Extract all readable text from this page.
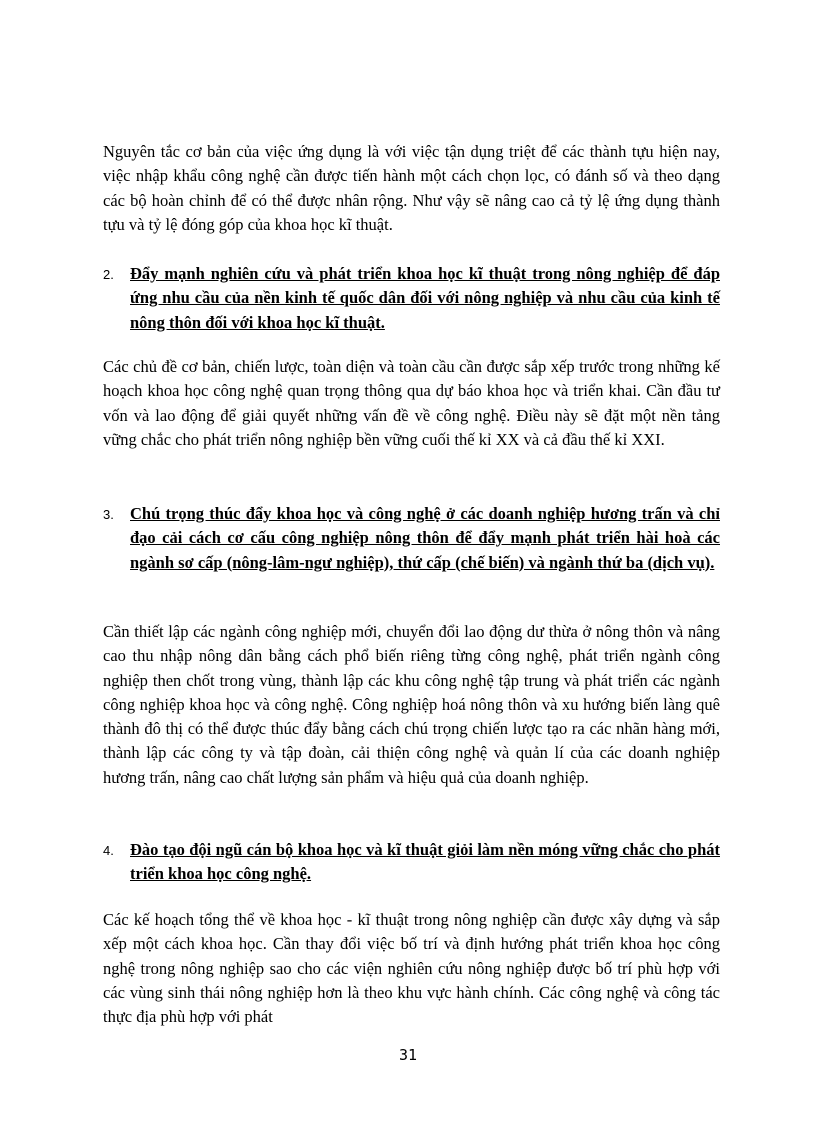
Nguyên tắc cơ bản của việc ứng dụng là với việc tận dụng triệt để các thành tựu hiện nay, việc nhập khẩu công nghệ cần được tiến hành một cách chọn lọc, có đánh số và theo dạng các bộ hoàn chỉnh để có thể được nhân rộng. Như vậy sẽ nâng cao cả tỷ lệ ứng dụng thành tựu và tỷ lệ đóng góp của khoa học kĩ thuật.

2. Đẩy mạnh nghiên cứu và phát triển khoa học kĩ thuật trong nông nghiệp để đáp ứng nhu cầu của nền kinh tế quốc dân đối với nông nghiệp và nhu cầu của kinh tế nông thôn đối với khoa học kĩ thuật.

Các chủ đề cơ bản, chiến lược, toàn diện và toàn cầu cần được sắp xếp trước trong những kế hoạch khoa học công nghệ quan trọng thông qua dự báo khoa học và triển khai. Cần đầu tư vốn và lao động để giải quyết những vấn đề về công nghệ. Điều này sẽ đặt một nền tảng vững chắc cho phát triển nông nghiệp bền vững cuối thế kỉ XX và cả đầu thế kỉ XXI.

3. Chú trọng thúc đẩy khoa học và công nghệ ở các doanh nghiệp hương trấn và chỉ đạo cải cách cơ cấu công nghiệp nông thôn để đẩy mạnh phát triển hài hoà các ngành sơ cấp (nông-lâm-ngư nghiệp), thứ cấp (chế biến) và ngành thứ ba (dịch vụ).

Cần thiết lập các ngành công nghiệp mới, chuyển đổi lao động dư thừa ở nông thôn và nâng cao thu nhập nông dân bằng cách phổ biến riêng từng công nghệ, phát triển ngành công nghiệp then chốt trong vùng, thành lập các khu công nghệ tập trung và phát triển các ngành công nghiệp khoa học và công nghệ. Công nghiệp hoá nông thôn và xu hướng biến làng quê thành đô thị có thể được thúc đẩy bằng cách chú trọng chiến lược tạo ra các nhãn hàng mới, thành lập các công ty và tập đoàn, cải thiện công nghệ và quản lí của các doanh nghiệp hương trấn, nâng cao chất lượng sản phẩm và hiệu quả của doanh nghiệp.

4. Đào tạo đội ngũ cán bộ khoa học và kĩ thuật giỏi làm nền móng vững chắc cho phát triển khoa học công nghệ.

Các kế hoạch tổng thể về khoa học - kĩ thuật trong nông nghiệp cần được xây dựng và sắp xếp một cách khoa học. Cần thay đổi việc bố trí và định hướng phát triển khoa học công nghệ trong nông nghiệp sao cho các viện nghiên cứu nông nghiệp được bố trí phù hợp với các vùng sinh thái nông nghiệp hơn là theo khu vực hành chính. Các công nghệ và công tác thực địa phù hợp với phát

31
